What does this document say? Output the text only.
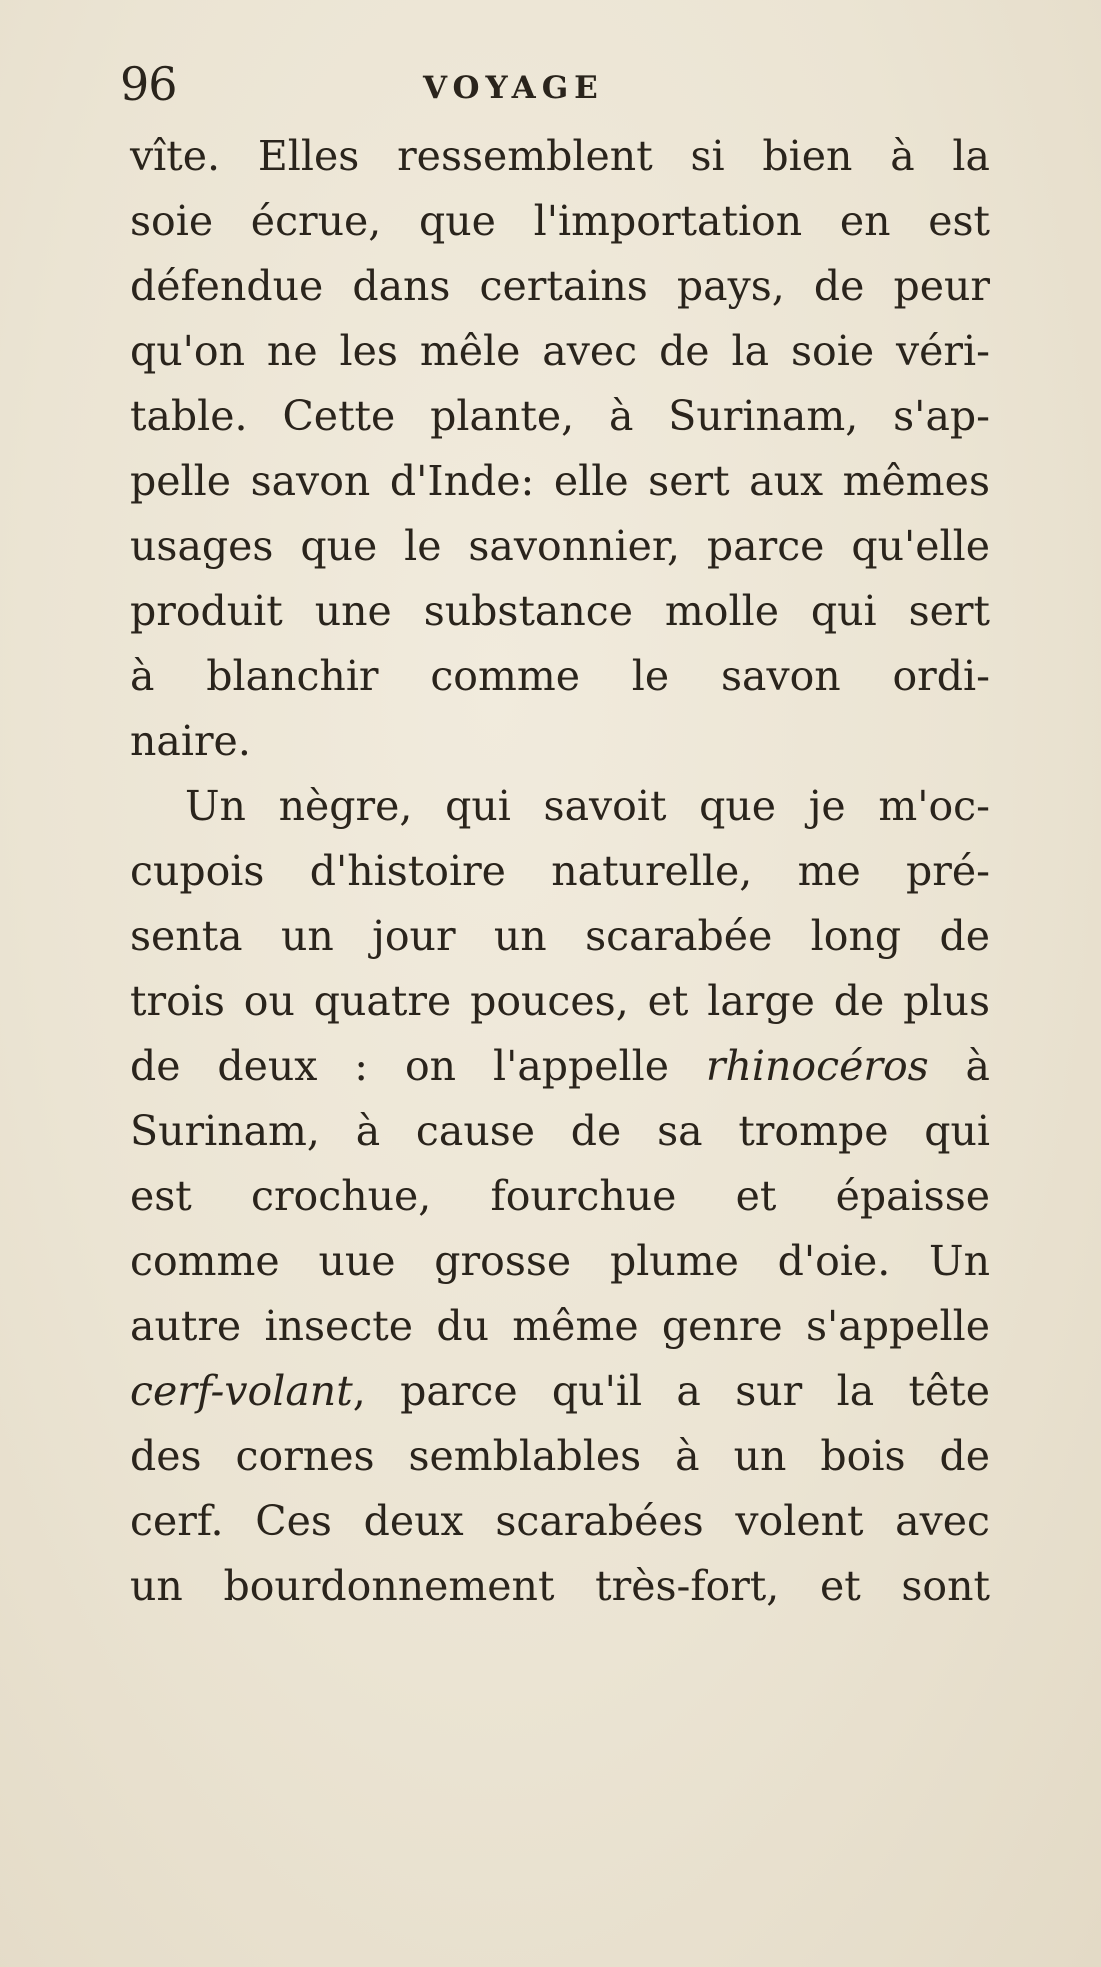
96	VOYAGE
vîte. Elles ressemblent si bien à la
soie écrue, que l'importation en est
défendue dans certains pays, de peur
qu'on ne les mêle avec de la soie véri-
table. Cette plante, à Surinam, s'ap-
pelle savon d'Inde: elle sert aux mêmes
usages que le savonnier, parce qu'elle
produit une substance molle qui sert
à blanchir comme le savon ordi-
naire.
Un nègre, qui savoit que je m'oc-
cupois d'histoire naturelle, me pré-
senta un jour un scarabée long de
trois ou quatre pouces, et large de plus
de deux : on l'appelle rhinocéros à
Surinam, à cause de sa trompe qui
est crochue, fourchue et épaisse
comme uue grosse plume d'oie. Un
autre insecte du même genre s'appelle
cerf-volant, parce qu'il a sur la tête
des cornes semblables à un bois de
cerf. Ces deux scarabées volent avec
un bourdonnement très-fort, et sont
